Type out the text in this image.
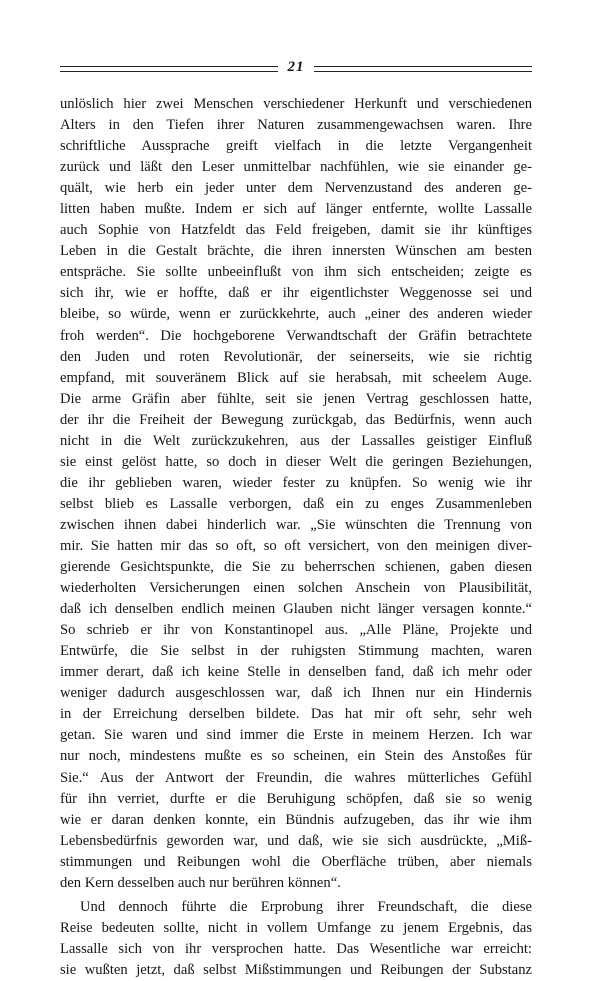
21
unlöslich hier zwei Menschen verschiedener Herkunft und verschiedenen
Alters in den Tiefen ihrer Naturen zusammengewachsen waren. Ihre
schriftliche Aussprache greift vielfach in die letzte Vergangenheit
zurück und läßt den Leser unmittelbar nachfühlen, wie sie einander ge-
quält, wie herb ein jeder unter dem Nervenzustand des anderen ge-
litten haben mußte. Indem er sich auf länger entfernte, wollte Lassalle
auch Sophie von Hatzfeldt das Feld freigeben, damit sie ihr künftiges
Leben in die Gestalt brächte, die ihren innersten Wünschen am besten
entspräche. Sie sollte unbeeinflußt von ihm sich entscheiden; zeigte es
sich ihr, wie er hoffte, daß er ihr eigentlichster Weggenosse sei und
bleibe, so würde, wenn er zurückkehrte, auch „einer des anderen wieder
froh werden“. Die hochgeborene Verwandtschaft der Gräfin betrachtete
den Juden und roten Revolutionär, der seinerseits, wie sie richtig
empfand, mit souveränem Blick auf sie herabsah, mit scheelem Auge.
Die arme Gräfin aber fühlte, seit sie jenen Vertrag geschlossen hatte,
der ihr die Freiheit der Bewegung zurückgab, das Bedürfnis, wenn auch
nicht in die Welt zurückzukehren, aus der Lassalles geistiger Einfluß
sie einst gelöst hatte, so doch in dieser Welt die geringen Beziehungen,
die ihr geblieben waren, wieder fester zu knüpfen. So wenig wie ihr
selbst blieb es Lassalle verborgen, daß ein zu enges Zusammenleben
zwischen ihnen dabei hinderlich war. „Sie wünschten die Trennung von
mir. Sie hatten mir das so oft, so oft versichert, von den meinigen diver-
gierende Gesichtspunkte, die Sie zu beherrschen schienen, gaben diesen
wiederholten Versicherungen einen solchen Anschein von Plausibilität,
daß ich denselben endlich meinen Glauben nicht länger versagen konnte.“
So schrieb er ihr von Konstantinopel aus. „Alle Pläne, Projekte und
Entwürfe, die Sie selbst in der ruhigsten Stimmung machten, waren
immer derart, daß ich keine Stelle in denselben fand, daß ich mehr oder
weniger dadurch ausgeschlossen war, daß ich Ihnen nur ein Hindernis
in der Erreichung derselben bildete. Das hat mir oft sehr, sehr weh
getan. Sie waren und sind immer die Erste in meinem Herzen. Ich war
nur noch, mindestens mußte es so scheinen, ein Stein des Anstoßes für
Sie.“ Aus der Antwort der Freundin, die wahres mütterliches Gefühl
für ihn verriet, durfte er die Beruhigung schöpfen, daß sie so wenig
wie er daran denken konnte, ein Bündnis aufzugeben, das ihr wie ihm
Lebensbedürfnis geworden war, und daß, wie sie sich ausdrückte, „Miß-
stimmungen und Reibungen wohl die Oberfläche trüben, aber niemals
den Kern desselben auch nur berühren können“.
Und dennoch führte die Erprobung ihrer Freundschaft, die diese
Reise bedeuten sollte, nicht in vollem Umfange zu jenem Ergebnis, das
Lassalle sich von ihr versprochen hatte. Das Wesentliche war erreicht:
sie wußten jetzt, daß selbst Mißstimmungen und Reibungen der Substanz
